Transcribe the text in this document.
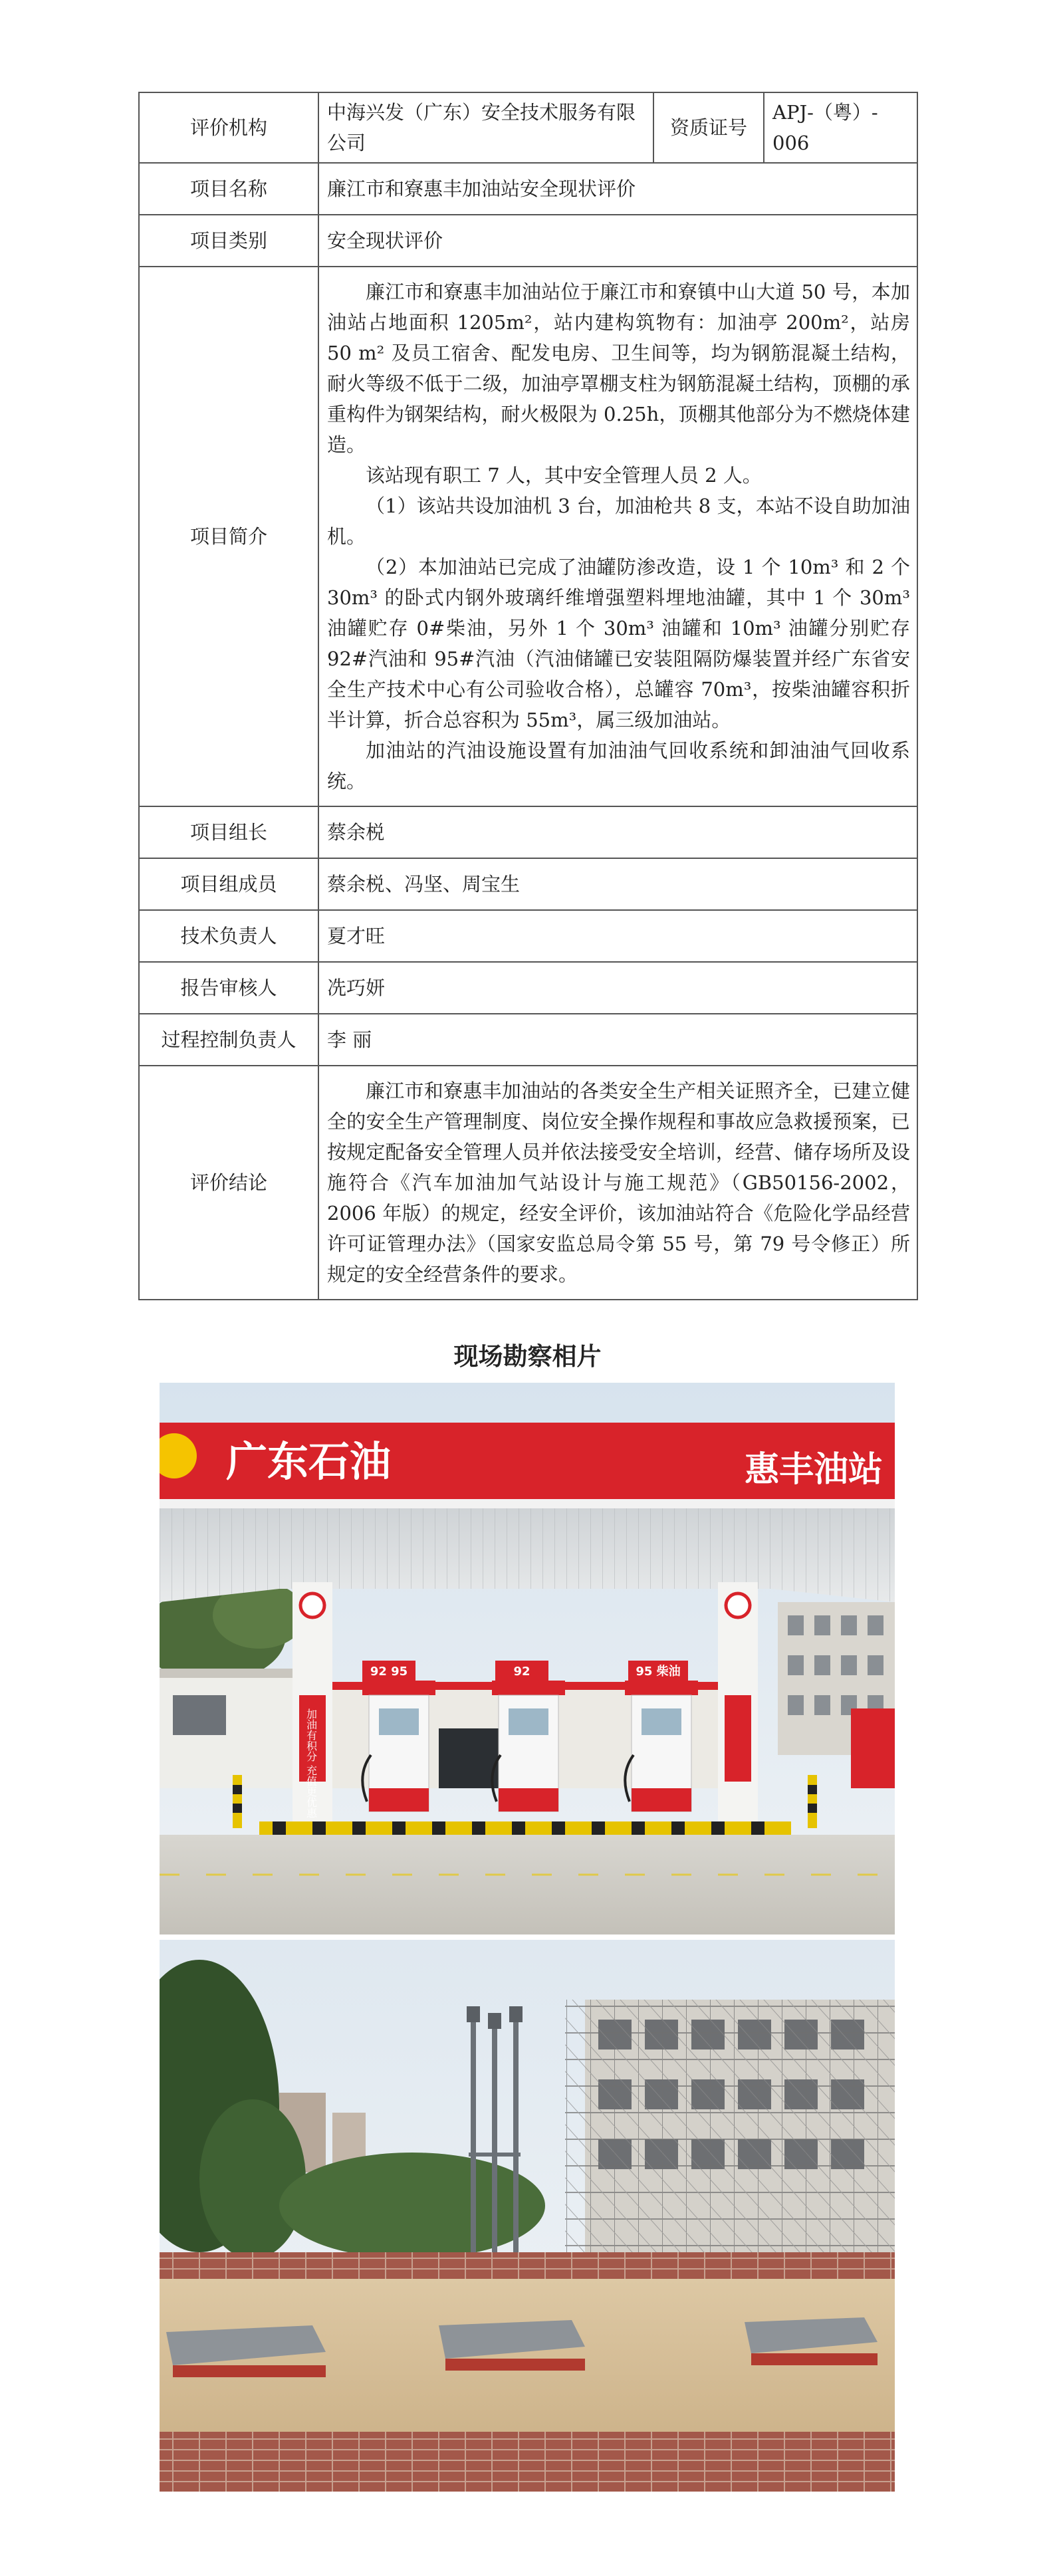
评价机构	中海兴发（广东）安全技术服务有限公司	资质证号	APJ-（粤）- 006
项目名称	廉江市和寮惠丰加油站安全现状评价		
项目类别	安全现状评价		
项目简介	廉江市和寮惠丰加油站位于廉江市和寮镇中山大道 50 号，本加油站占地面积 1205m²，站内建构筑物有：加油亭 200m²，站房 50 m² 及员工宿舍、配发电房、卫生间等，均为钢筋混凝土结构，耐火等级不低于二级，加油亭罩棚支柱为钢筋混凝土结构，顶棚的承重构件为钢架结构，耐火极限为 0.25h，顶棚其他部分为不燃烧体建造。

该站现有职工 7 人，其中安全管理人员 2 人。

（1）该站共设加油机 3 台，加油枪共 8 支，本站不设自助加油机。

（2）本加油站已完成了油罐防渗改造，设 1 个 10m³ 和 2 个 30m³ 的卧式内钢外玻璃纤维增强塑料埋地油罐，其中 1 个 30m³ 油罐贮存 0#柴油，另外 1 个 30m³ 油罐和 10m³ 油罐分别贮存 92#汽油和 95#汽油（汽油储罐已安装阻隔防爆装置并经广东省安全生产技术中心有公司验收合格），总罐容 70m³，按柴油罐容积折半计算，折合总容积为 55m³，属三级加油站。

加油站的汽油设施设置有加油油气回收系统和卸油油气回收系统。		

项目组长	蔡余棁		
项目组成员	蔡余棁、冯坚、周宝生		
技术负责人	夏才旺		
报告审核人	冼巧妍		
过程控制负责人	李 丽		
评价结论	廉江市和寮惠丰加油站的各类安全生产相关证照齐全，已建立健全的安全生产管理制度、岗位安全操作规程和事故应急救援预案，已按规定配备安全管理人员并依法接受安全培训，经营、储存场所及设施符合《汽车加油加气站设计与施工规范》（GB50156-2002，2006 年版）的规定，经安全评价，该加油站符合《危险化学品经营许可证管理办法》（国家安监总局令第 55 号，第 79 号令修正）所规定的安全经营条件的要求。		

现场勘察相片
广东石油	惠丰油站
加油有积分 充值更优惠
92 95	92	95 柴油
